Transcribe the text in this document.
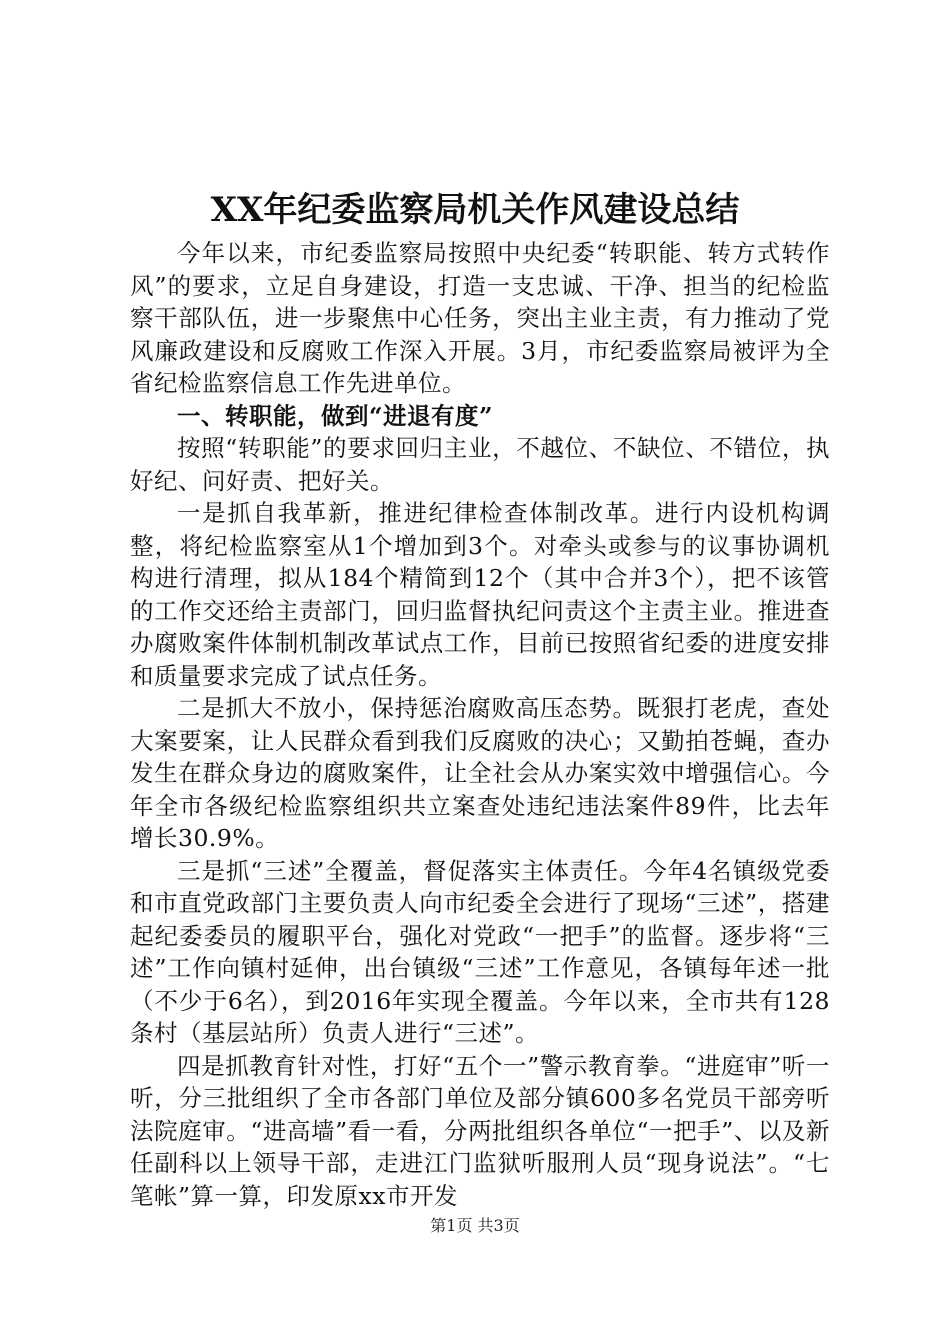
XX年纪委监察局机关作风建设总结

今年以来，市纪委监察局按照中央纪委“转职能、转方式转作风”的要求，立足自身建设，打造一支忠诚、干净、担当的纪检监察干部队伍，进一步聚焦中心任务，突出主业主责，有力推动了党风廉政建设和反腐败工作深入开展。3月，市纪委监察局被评为全省纪检监察信息工作先进单位。

一、转职能，做到“进退有度”

按照“转职能”的要求回归主业，不越位、不缺位、不错位，执好纪、问好责、把好关。

一是抓自我革新，推进纪律检查体制改革。进行内设机构调整，将纪检监察室从1个增加到3个。对牵头或参与的议事协调机构进行清理，拟从184个精简到12个（其中合并3个），把不该管的工作交还给主责部门，回归监督执纪问责这个主责主业。推进查办腐败案件体制机制改革试点工作，目前已按照省纪委的进度安排和质量要求完成了试点任务。

二是抓大不放小，保持惩治腐败高压态势。既狠打老虎，查处大案要案，让人民群众看到我们反腐败的决心；又勤拍苍蝇，查办发生在群众身边的腐败案件，让全社会从办案实效中增强信心。今年全市各级纪检监察组织共立案查处违纪违法案件89件，比去年增长30.9%。

三是抓“三述”全覆盖，督促落实主体责任。今年4名镇级党委和市直党政部门主要负责人向市纪委全会进行了现场“三述”，搭建起纪委委员的履职平台，强化对党政“一把手”的监督。逐步将“三述”工作向镇村延伸，出台镇级“三述”工作意见，各镇每年述一批（不少于6名），到2016年实现全覆盖。今年以来，全市共有128条村（基层站所）负责人进行“三述”。

四是抓教育针对性，打好“五个一”警示教育拳。“进庭审”听一听，分三批组织了全市各部门单位及部分镇600多名党员干部旁听法院庭审。“进高墙”看一看，分两批组织各单位“一把手”、以及新任副科以上领导干部，走进江门监狱听服刑人员“现身说法”。“七笔帐”算一算，印发原xx市开发

第1页 共3页
